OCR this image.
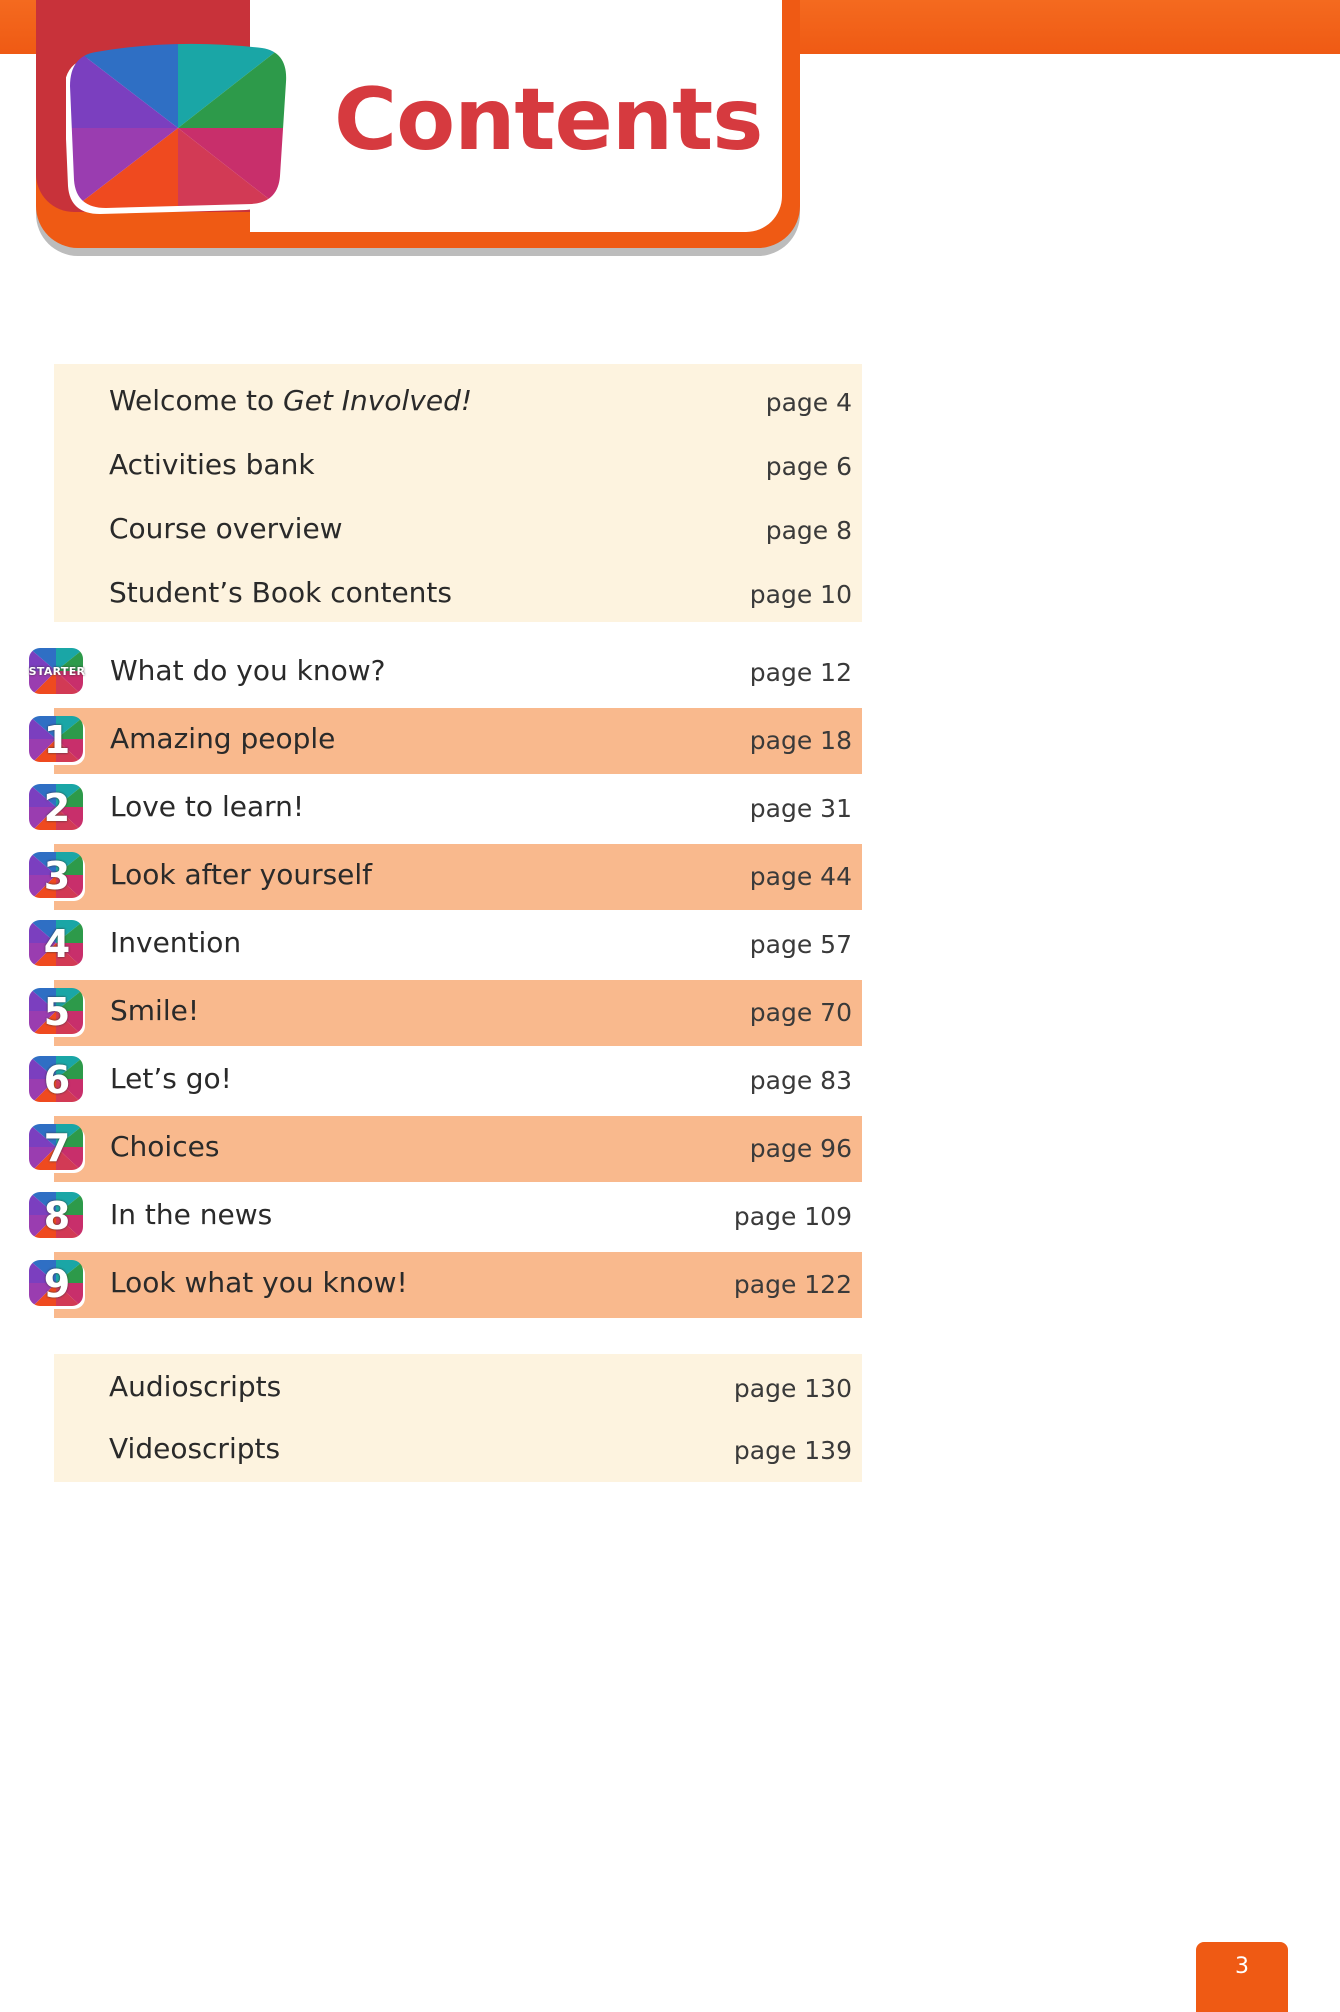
Contents
Welcome to Get Involved!	page 4
Activities bank	page 6
Course overview	page 8
Student’s Book contents	page 10
What do you know?	page 12
STARTER
Amazing people	page 18
1
Love to learn!	page 31
2
Look after yourself	page 44
3
Invention	page 57
4
Smile!	page 70
5
Let’s go!	page 83
6
Choices	page 96
7
In the news	page 109
8
Look what you know!	page 122
9
Audioscripts	page 130
Videoscripts	page 139
3
